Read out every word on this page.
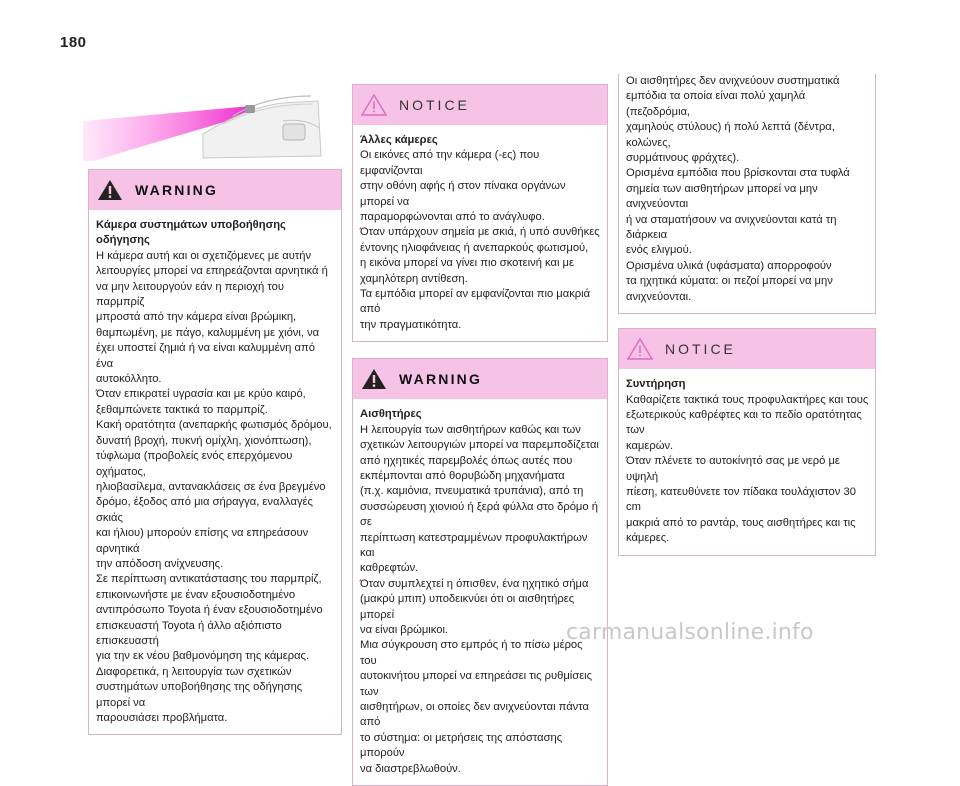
180
WARNING
Κάμερα συστημάτων υποβοήθησης οδήγησης

Η κάμερα αυτή και οι σχετιζόμενες με αυτήν
λειτουργίες μπορεί να επηρεάζονται αρνητικά ή
να μην λειτουργούν εάν η περιοχή του παρμπρίζ
μπροστά από την κάμερα είναι βρώμικη,
θαμπωμένη, με πάγο, καλυμμένη με χιόνι, να
έχει υποστεί ζημιά ή να είναι καλυμμένη από ένα
αυτοκόλλητο.
Όταν επικρατεί υγρασία και με κρύο καιρό,
ξεθαμπώνετε τακτικά το παρμπρίζ.
Κακή ορατότητα (ανεπαρκής φωτισμός δρόμου,
δυνατή βροχή, πυκνή ομίχλη, χιονόπτωση),
τύφλωμα (προβολείς ενός επερχόμενου οχήματος,
ηλιοβασίλεμα, αντανακλάσεις σε ένα βρεγμένο
δρόμο, έξοδος από μια σήραγγα, εναλλαγές σκιάς
και ήλιου) μπορούν επίσης να επηρεάσουν αρνητικά
την απόδοση ανίχνευσης.
Σε περίπτωση αντικατάστασης του παρμπρίζ,
επικοινωνήστε με έναν εξουσιοδοτημένο
αντιπρόσωπο Toyota ή έναν εξουσιοδοτημένο
επισκευαστή Toyota ή άλλο αξιόπιστο επισκευαστή
για την εκ νέου βαθμονόμηση της κάμερας.
Διαφορετικά, η λειτουργία των σχετικών
συστημάτων υποβοήθησης της οδήγησης μπορεί να
παρουσιάσει προβλήματα.

NOTICE
Άλλες κάμερες

Οι εικόνες από την κάμερα (-ες) που εμφανίζονται
στην οθόνη αφής ή στον πίνακα οργάνων μπορεί να
παραμορφώνονται από το ανάγλυφο.
Όταν υπάρχουν σημεία με σκιά, ή υπό συνθήκες
έντονης ηλιοφάνειας ή ανεπαρκούς φωτισμού,
η εικόνα μπορεί να γίνει πιο σκοτεινή και με
χαμηλότερη αντίθεση.
Τα εμπόδια μπορεί αν εμφανίζονται πιο μακριά από
την πραγματικότητα.

WARNING
Αισθητήρες

Η λειτουργία των αισθητήρων καθώς και των
σχετικών λειτουργιών μπορεί να παρεμποδίζεται
από ηχητικές παρεμβολές όπως αυτές που
εκπέμπονται από θορυβώδη μηχανήματα
(π.χ. καμιόνια, πνευματικά τρυπάνια), από τη
συσσώρευση χιονιού ή ξερά φύλλα στο δρόμο ή σε
περίπτωση κατεστραμμένων προφυλακτήρων και
καθρεφτών.
Όταν συμπλεχτεί η όπισθεν, ένα ηχητικό σήμα
(μακρύ μπιπ) υποδεικνύει ότι οι αισθητήρες μπορεί
να είναι βρώμικοι.
Μια σύγκρουση στο εμπρός ή το πίσω μέρος του
αυτοκινήτου μπορεί να επηρεάσει τις ρυθμίσεις των
αισθητήρων, οι οποίες δεν ανιχνεύονται πάντα από
το σύστημα: οι μετρήσεις της απόστασης μπορούν
να διαστρεβλωθούν.

Οι αισθητήρες δεν ανιχνεύουν συστηματικά
εμπόδια τα οποία είναι πολύ χαμηλά (πεζοδρόμια,
χαμηλούς στύλους) ή πολύ λεπτά (δέντρα, κολώνες,
συρμάτινους φράχτες).
Ορισμένα εμπόδια που βρίσκονται στα τυφλά
σημεία των αισθητήρων μπορεί να μην ανιχνεύονται
ή να σταματήσουν να ανιχνεύονται κατά τη διάρκεια
ενός ελιγμού.
Ορισμένα υλικά (υφάσματα) απορροφούν
τα ηχητικά κύματα: οι πεζοί μπορεί να μην
ανιχνεύονται.
NOTICE
Συντήρηση

Καθαρίζετε τακτικά τους προφυλακτήρες και τους
εξωτερικούς καθρέφτες και το πεδίο ορατότητας των
καμερών.
Όταν πλένετε το αυτοκίνητό σας με νερό με υψηλή
πίεση, κατευθύνετε τον πίδακα τουλάχιστον 30 cm
μακριά από το ραντάρ, τους αισθητήρες και τις
κάμερες.

carmanualsonline.info
